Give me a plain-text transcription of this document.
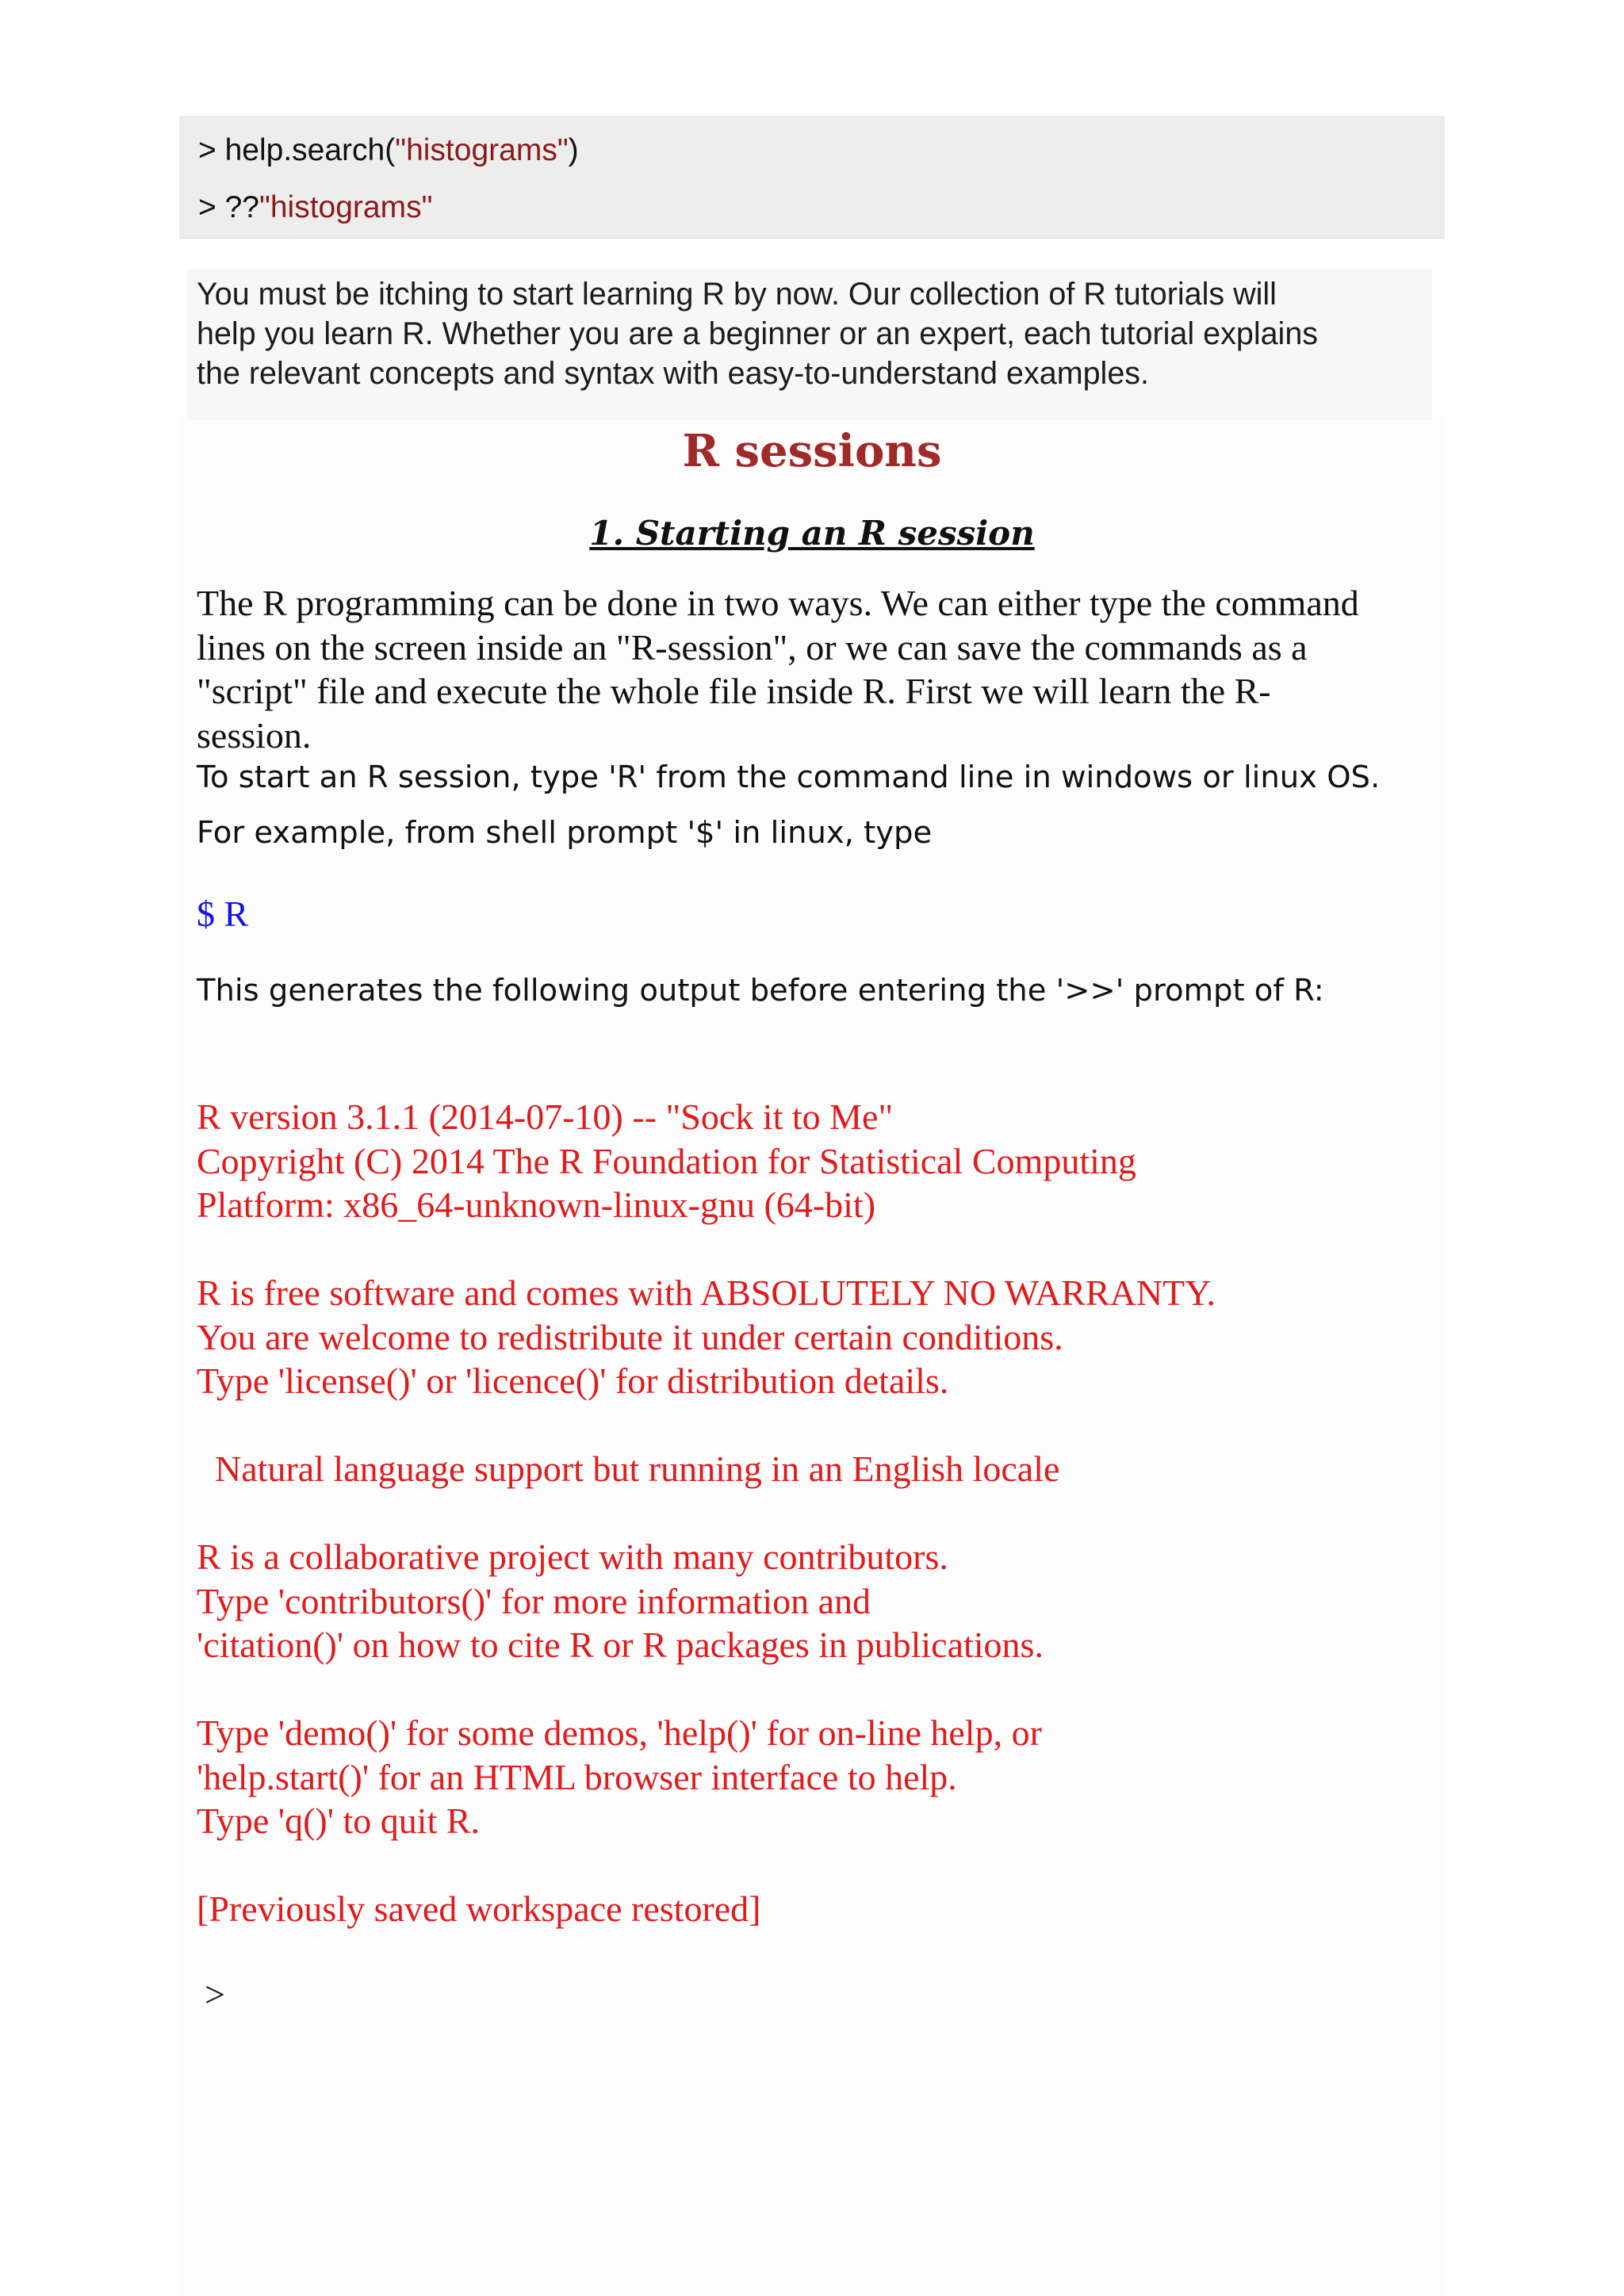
> help.search("histograms")
> ??"histograms"
You must be itching to start learning R by now. Our collection of R tutorials will
help you learn R. Whether you are a beginner or an expert, each tutorial explains
the relevant concepts and syntax with easy-to-understand examples.
R sessions
1. Starting an R session
The R programming can be done in two ways. We can either type the command
lines on the screen inside an "R-session", or we can save the commands as a
"script" file and execute the whole file inside R. First we will learn the R-
session.

To start an R session, type 'R' from the command line in windows or linux OS.

For example, from shell prompt '$' in linux, type

$ R

This generates the following output before entering the '>>' prompt of R:

R version 3.1.1 (2014-07-10) -- "Sock it to Me"
Copyright (C) 2014 The R Foundation for Statistical Computing
Platform: x86_64-unknown-linux-gnu (64-bit)
R is free software and comes with ABSOLUTELY NO WARRANTY.
You are welcome to redistribute it under certain conditions.
Type 'license()' or 'licence()' for distribution details.
Natural language support but running in an English locale
R is a collaborative project with many contributors.
Type 'contributors()' for more information and
'citation()' on how to cite R or R packages in publications.
Type 'demo()' for some demos, 'help()' for on-line help, or
'help.start()' for an HTML browser interface to help.
Type 'q()' to quit R.
[Previously saved workspace restored]

>
